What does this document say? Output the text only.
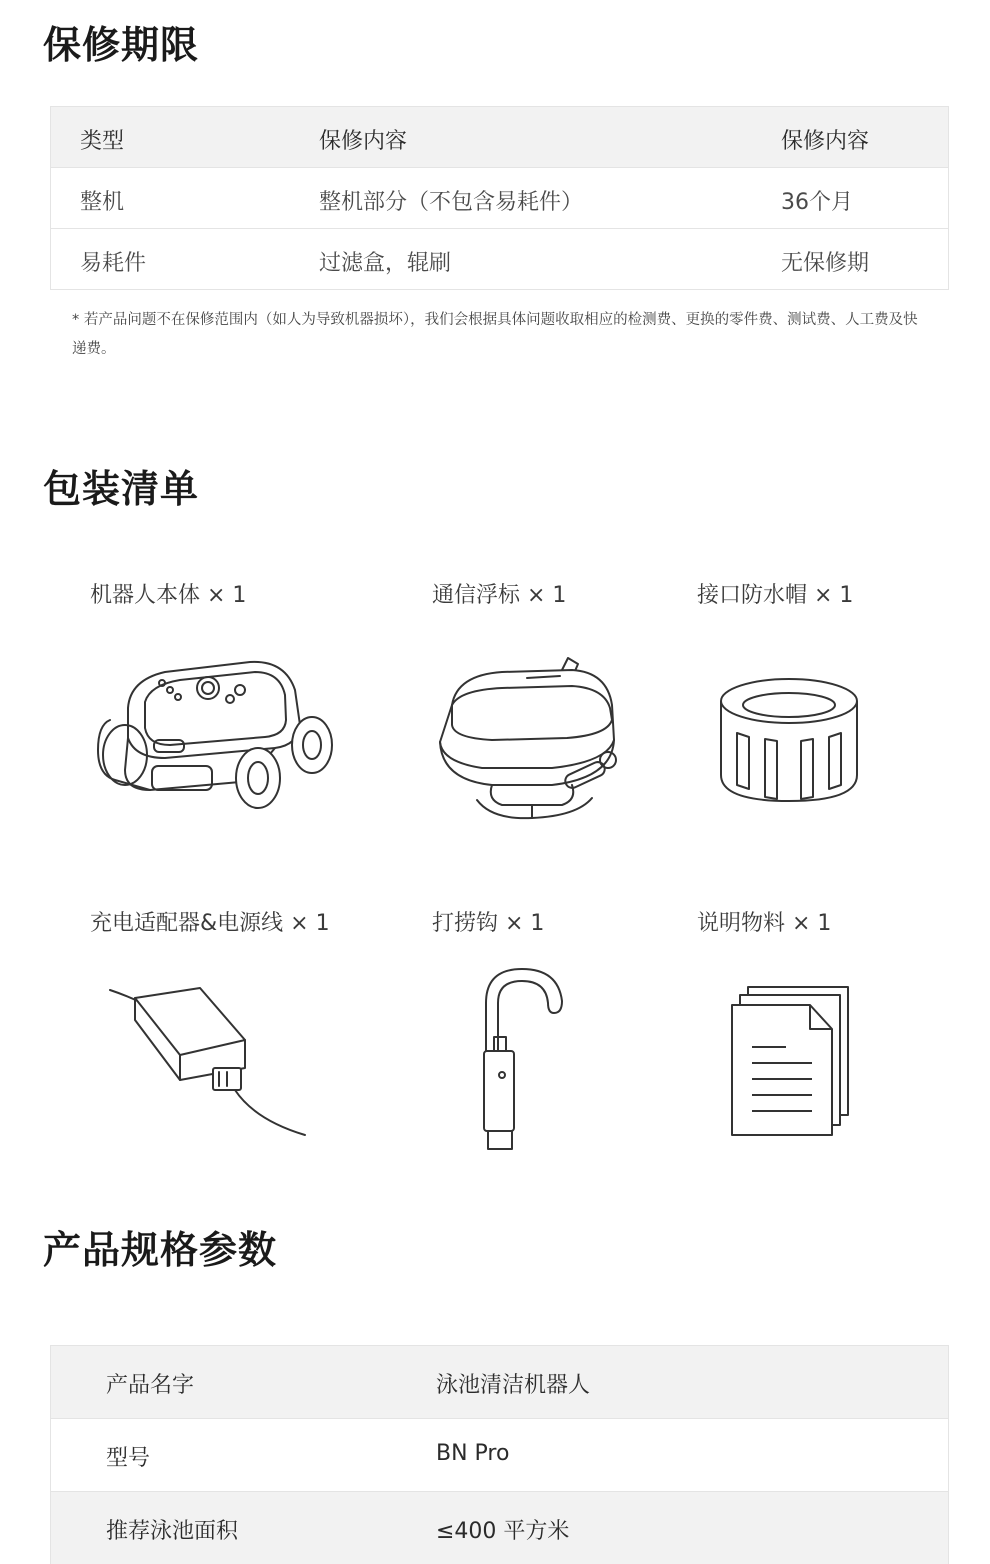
保修期限
类型	保修内容	保修内容
整机	整机部分（不包含易耗件）	36个月
易耗件	过滤盒，辊刷	无保修期

* 若产品问题不在保修范围内（如人为导致机器损坏），我们会根据具体问题收取相应的检测费、更换的零件费、测试费、人工费及快递费。

包装清单
机器人本体 × 1	通信浮标 × 1	接口防水帽 × 1
充电适配器&电源线 × 1	打捞钩 × 1	说明物料 × 1
产品规格参数
产品名字	泳池清洁机器人
型号	BN Pro
推荐泳池面积	≤400 平方米
